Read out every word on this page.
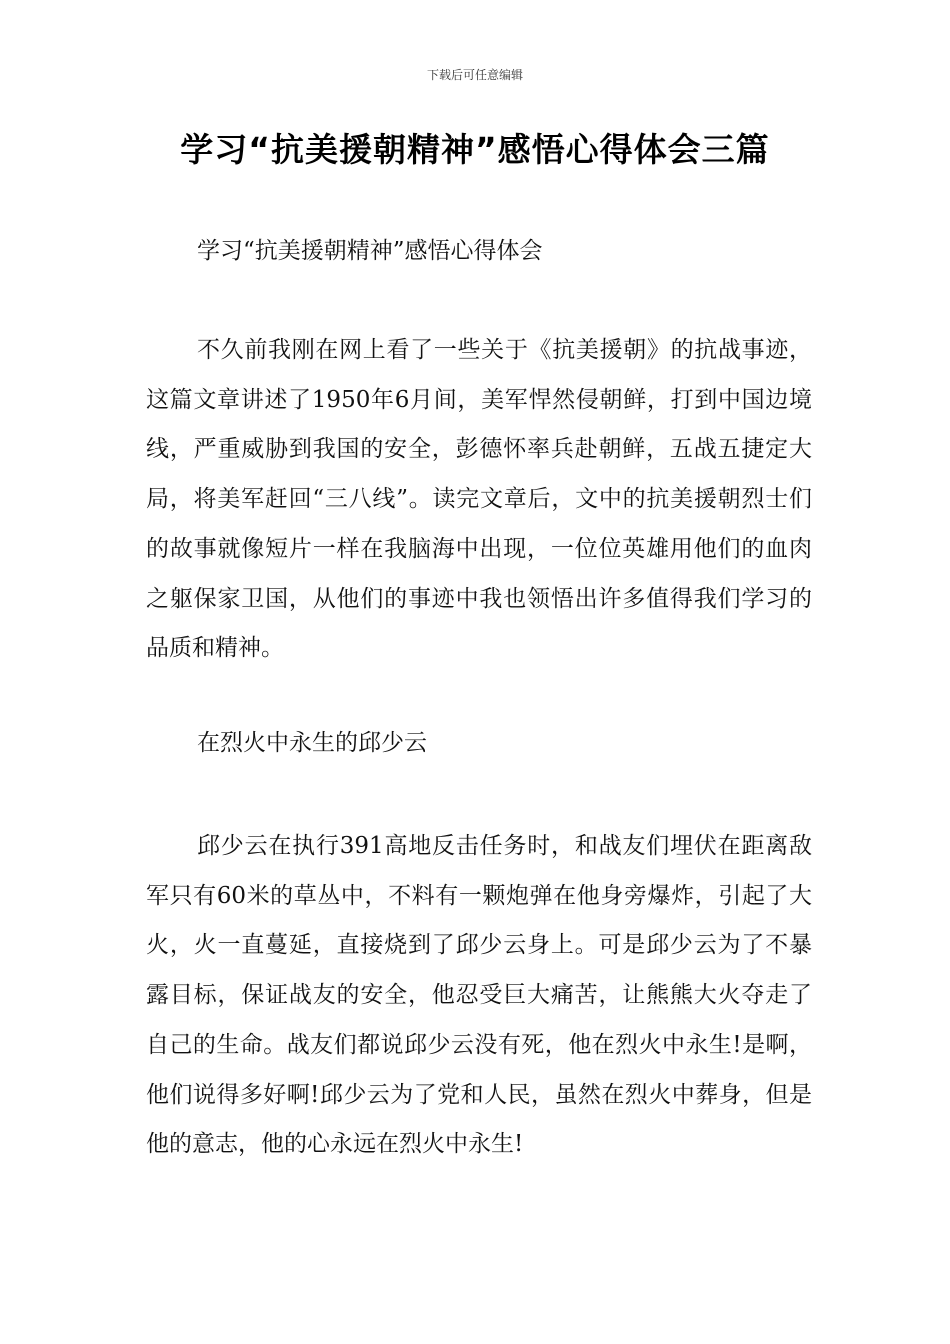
下载后可任意编辑
学习“抗美援朝精神”感悟心得体会三篇
学习“抗美援朝精神”感悟心得体会

不久前我刚在网上看了一些关于《抗美援朝》的抗战事迹，这篇文章讲述了1950年6月间，美军悍然侵朝鲜，打到中国边境线，严重威胁到我国的安全，彭德怀率兵赴朝鲜，五战五捷定大局，将美军赶回“三八线”。读完文章后，文中的抗美援朝烈士们的故事就像短片一样在我脑海中出现，一位位英雄用他们的血肉之躯保家卫国，从他们的事迹中我也领悟出许多值得我们学习的品质和精神。

在烈火中永生的邱少云

邱少云在执行391高地反击任务时，和战友们埋伏在距离敌军只有60米的草丛中，不料有一颗炮弹在他身旁爆炸，引起了大火，火一直蔓延，直接烧到了邱少云身上。可是邱少云为了不暴露目标，保证战友的安全，他忍受巨大痛苦，让熊熊大火夺走了自己的生命。战友们都说邱少云没有死，他在烈火中永生!是啊，他们说得多好啊!邱少云为了党和人民，虽然在烈火中葬身，但是他的意志，他的心永远在烈火中永生!
